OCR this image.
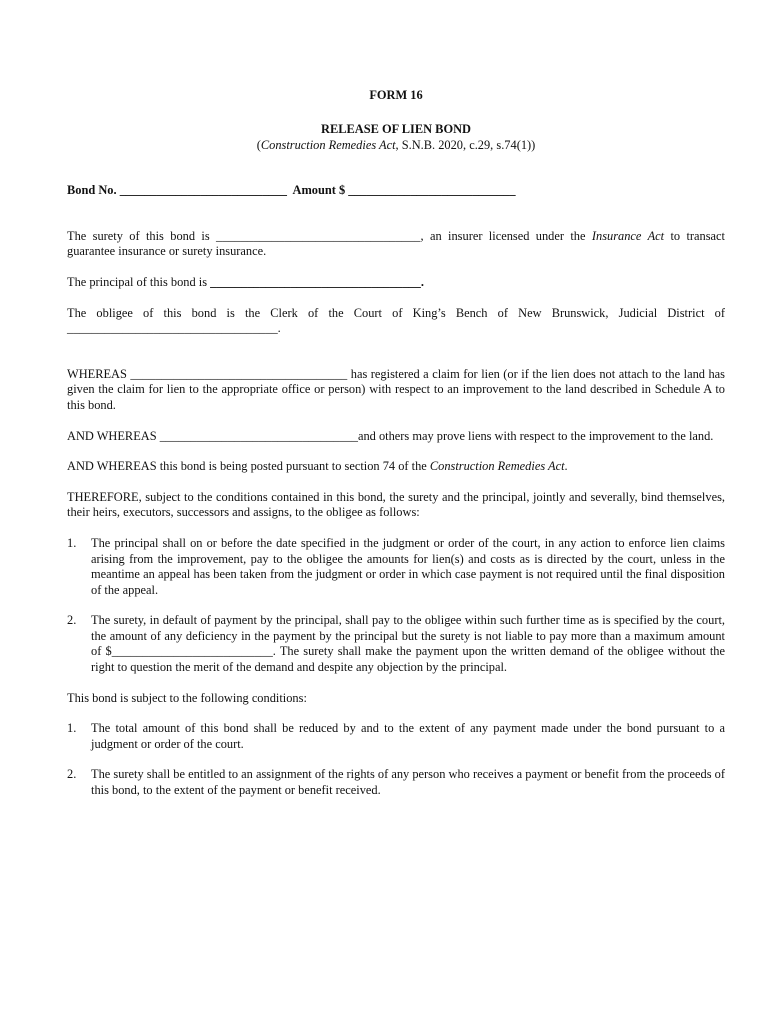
FORM 16
RELEASE OF LIEN BOND
(Construction Remedies Act, S.N.B. 2020, c.29, s.74(1))
Bond No. ___________________________ Amount $ ___________________________

The surety of this bond is _________________________________, an insurer licensed under the Insurance Act to transact guarantee insurance or surety insurance.

The principal of this bond is __________________________________.

The obligee of this bond is the Clerk of the Court of King’s Bench of New Brunswick, Judicial District of __________________________________.

WHEREAS ___________________________________ has registered a claim for lien (or if the lien does not attach to the land has given the claim for lien to the appropriate office or person) with respect to an improvement to the land described in Schedule A to this bond.

AND WHEREAS ________________________________and others may prove liens with respect to the improvement to the land.

AND WHEREAS this bond is being posted pursuant to section 74 of the Construction Remedies Act.

THEREFORE, subject to the conditions contained in this bond, the surety and the principal, jointly and severally, bind themselves, their heirs, executors, successors and assigns, to the obligee as follows:

1.	The principal shall on or before the date specified in the judgment or order of the court, in any action to enforce lien claims arising from the improvement, pay to the obligee the amounts for lien(s) and costs as is directed by the court, unless in the meantime an appeal has been taken from the judgment or order in which case payment is not required until the final disposition of the appeal.
2.	The surety, in default of payment by the principal, shall pay to the obligee within such further time as is specified by the court, the amount of any deficiency in the payment by the principal but the surety is not liable to pay more than a maximum amount of $__________________________. The surety shall make the payment upon the written demand of the obligee without the right to question the merit of the demand and despite any objection by the principal.

This bond is subject to the following conditions:

1.	The total amount of this bond shall be reduced by and to the extent of any payment made under the bond pursuant to a judgment or order of the court.
2.	The surety shall be entitled to an assignment of the rights of any person who receives a payment or benefit from the proceeds of this bond, to the extent of the payment or benefit received.
